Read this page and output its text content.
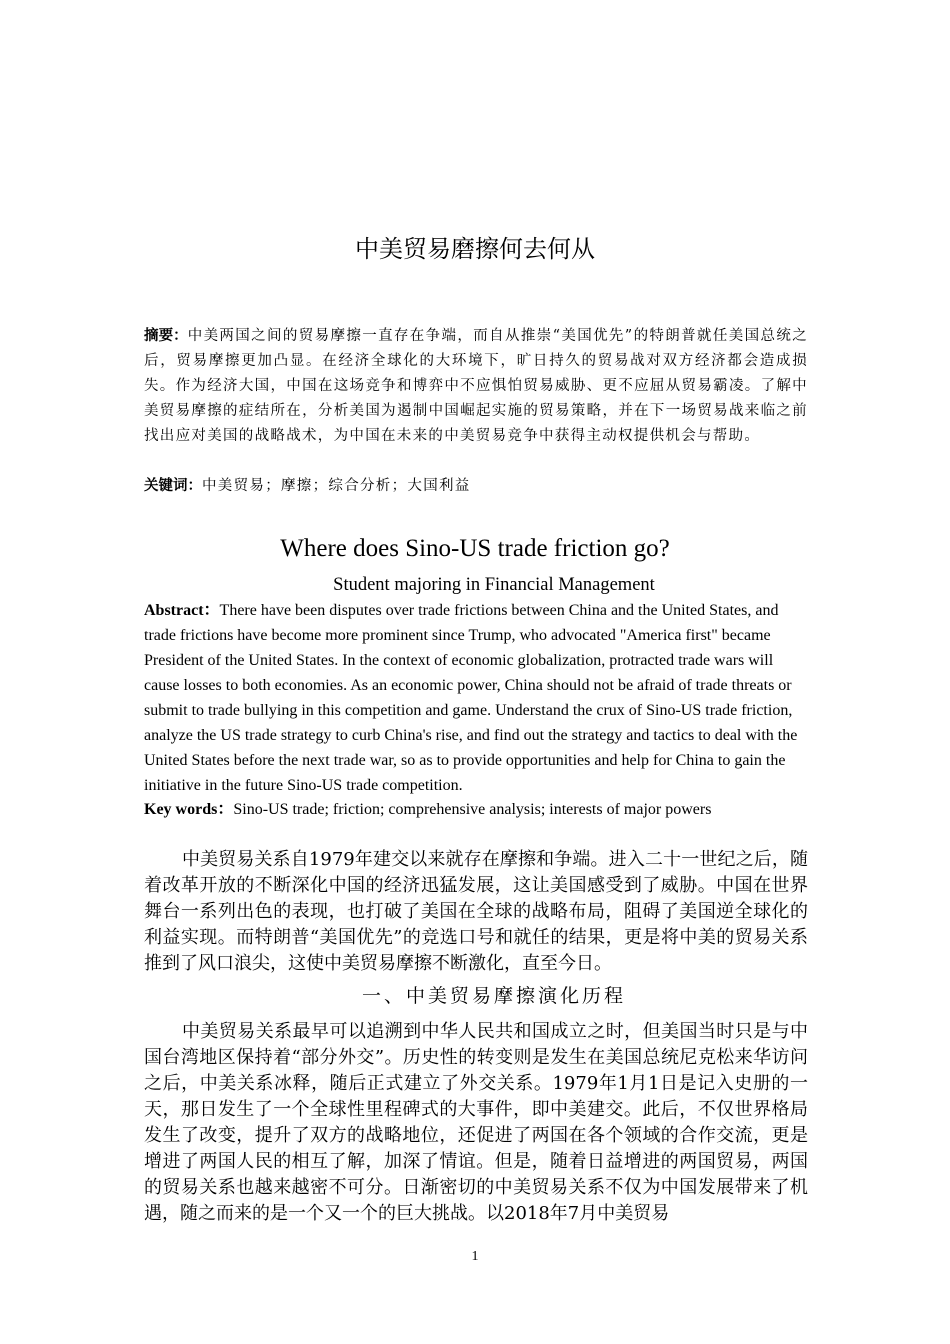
中美贸易磨擦何去何从

摘要：中美两国之间的贸易摩擦一直存在争端，而自从推崇“美国优先”的特朗普就任美国总统之后，贸易摩擦更加凸显。在经济全球化的大环境下，旷日持久的贸易战对双方经济都会造成损失。作为经济大国，中国在这场竞争和博弈中不应惧怕贸易威胁、更不应屈从贸易霸凌。了解中美贸易摩擦的症结所在，分析美国为遏制中国崛起实施的贸易策略，并在下一场贸易战来临之前找出应对美国的战略战术，为中国在未来的中美贸易竞争中获得主动权提供机会与帮助。

关键词：中美贸易；摩擦；综合分析；大国利益

Where does Sino-US trade friction go?

Student majoring in Financial Management

Abstract：There have been disputes over trade frictions between China and the United States, and trade frictions have become more prominent since Trump, who advocated "America first" became President of the United States. In the context of economic globalization, protracted trade wars will cause losses to both economies. As an economic power, China should not be afraid of trade threats or submit to trade bullying in this competition and game. Understand the crux of Sino-US trade friction, analyze the US trade strategy to curb China's rise, and find out the strategy and tactics to deal with the United States before the next trade war, so as to provide opportunities and help for China to gain the initiative in the future Sino-US trade competition.

Key words：Sino-US trade; friction; comprehensive analysis; interests of major powers

中美贸易关系自1979年建交以来就存在摩擦和争端。进入二十一世纪之后，随着改革开放的不断深化中国的经济迅猛发展，这让美国感受到了威胁。中国在世界舞台一系列出色的表现，也打破了美国在全球的战略布局，阻碍了美国逆全球化的利益实现。而特朗普“美国优先”的竞选口号和就任的结果，更是将中美的贸易关系推到了风口浪尖，这使中美贸易摩擦不断激化，直至今日。

一、中美贸易摩擦演化历程

中美贸易关系最早可以追溯到中华人民共和国成立之时，但美国当时只是与中国台湾地区保持着“部分外交”。历史性的转变则是发生在美国总统尼克松来华访问之后，中美关系冰释，随后正式建立了外交关系。1979年1月1日是记入史册的一天，那日发生了一个全球性里程碑式的大事件，即中美建交。此后，不仅世界格局发生了改变，提升了双方的战略地位，还促进了两国在各个领域的合作交流，更是增进了两国人民的相互了解，加深了情谊。但是，随着日益增进的两国贸易，两国的贸易关系也越来越密不可分。日渐密切的中美贸易关系不仅为中国发展带来了机遇，随之而来的是一个又一个的巨大挑战。以2018年7月中美贸易

1
